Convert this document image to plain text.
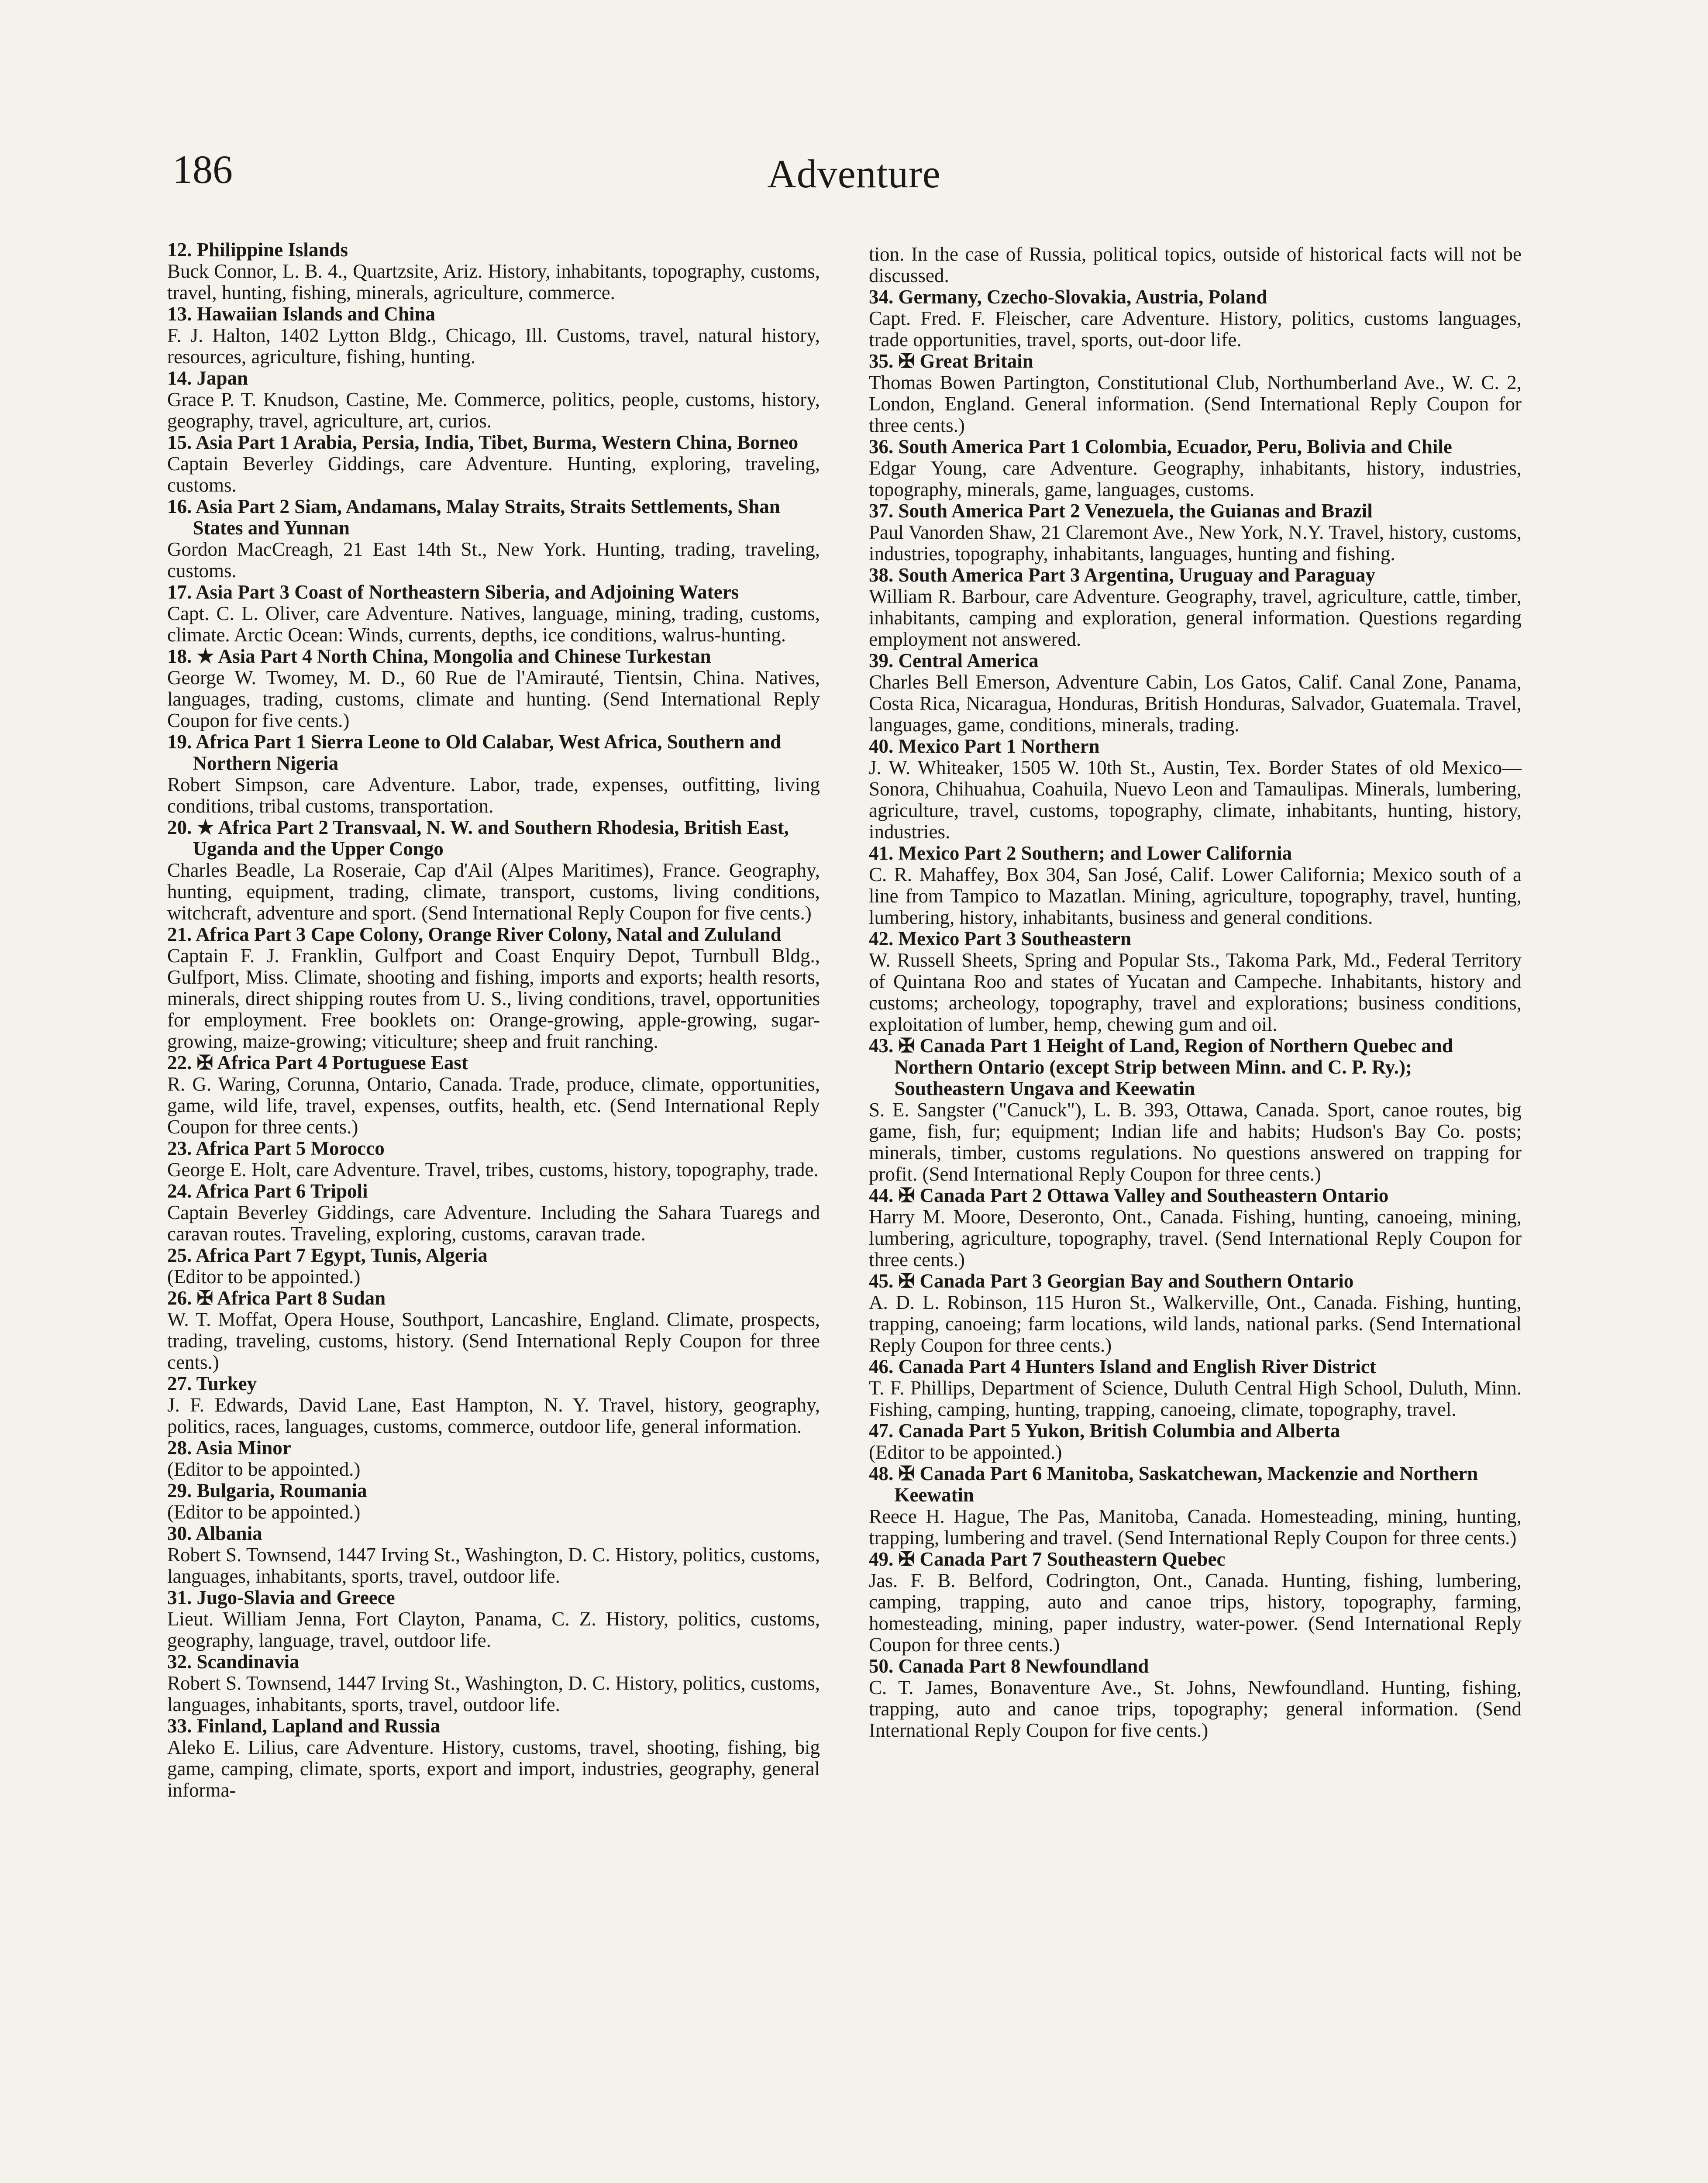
186	Adventure
12. Philippine Islands
Buck Connor, L. B. 4., Quartzsite, Ariz. History, inhabitants, topography, customs, travel, hunting, fishing, minerals, agriculture, commerce.
13. Hawaiian Islands and China
F. J. Halton, 1402 Lytton Bldg., Chicago, Ill. Customs, travel, natural history, resources, agriculture, fishing, hunting.
14. Japan
Grace P. T. Knudson, Castine, Me. Commerce, politics, people, customs, history, geography, travel, agriculture, art, curios.
15. Asia Part 1 Arabia, Persia, India, Tibet, Burma, Western China, Borneo
Captain Beverley Giddings, care Adventure. Hunting, exploring, traveling, customs.
16. Asia Part 2 Siam, Andamans, Malay Straits, Straits Settlements, Shan States and Yunnan
Gordon MacCreagh, 21 East 14th St., New York. Hunting, trading, traveling, customs.
17. Asia Part 3 Coast of Northeastern Siberia, and Adjoining Waters
Capt. C. L. Oliver, care Adventure. Natives, language, mining, trading, customs, climate. Arctic Ocean: Winds, currents, depths, ice conditions, walrus-hunting.
18. ★ Asia Part 4 North China, Mongolia and Chinese Turkestan
George W. Twomey, M. D., 60 Rue de l'Amirauté, Tientsin, China. Natives, languages, trading, customs, climate and hunting. (Send International Reply Coupon for five cents.)
19. Africa Part 1 Sierra Leone to Old Calabar, West Africa, Southern and Northern Nigeria
Robert Simpson, care Adventure. Labor, trade, expenses, outfitting, living conditions, tribal customs, transportation.
20. ★ Africa Part 2 Transvaal, N. W. and Southern Rhodesia, British East, Uganda and the Upper Congo
Charles Beadle, La Roseraie, Cap d'Ail (Alpes Maritimes), France. Geography, hunting, equipment, trading, climate, transport, customs, living conditions, witchcraft, adventure and sport. (Send International Reply Coupon for five cents.)
21. Africa Part 3 Cape Colony, Orange River Colony, Natal and Zululand
Captain F. J. Franklin, Gulfport and Coast Enquiry Depot, Turnbull Bldg., Gulfport, Miss. Climate, shooting and fishing, imports and exports; health resorts, minerals, direct shipping routes from U. S., living conditions, travel, opportunities for employment. Free booklets on: Orange-growing, apple-growing, sugar-growing, maize-growing; viticulture; sheep and fruit ranching.
22. ✠ Africa Part 4 Portuguese East
R. G. Waring, Corunna, Ontario, Canada. Trade, produce, climate, opportunities, game, wild life, travel, expenses, outfits, health, etc. (Send International Reply Coupon for three cents.)
23. Africa Part 5 Morocco
George E. Holt, care Adventure. Travel, tribes, customs, history, topography, trade.
24. Africa Part 6 Tripoli
Captain Beverley Giddings, care Adventure. Including the Sahara Tuaregs and caravan routes. Traveling, exploring, customs, caravan trade.
25. Africa Part 7 Egypt, Tunis, Algeria
(Editor to be appointed.)
26. ✠ Africa Part 8 Sudan
W. T. Moffat, Opera House, Southport, Lancashire, England. Climate, prospects, trading, traveling, customs, history. (Send International Reply Coupon for three cents.)
27. Turkey
J. F. Edwards, David Lane, East Hampton, N. Y. Travel, history, geography, politics, races, languages, customs, commerce, outdoor life, general information.
28. Asia Minor
(Editor to be appointed.)
29. Bulgaria, Roumania
(Editor to be appointed.)
30. Albania
Robert S. Townsend, 1447 Irving St., Washington, D. C. History, politics, customs, languages, inhabitants, sports, travel, outdoor life.
31. Jugo-Slavia and Greece
Lieut. William Jenna, Fort Clayton, Panama, C. Z. History, politics, customs, geography, language, travel, outdoor life.
32. Scandinavia
Robert S. Townsend, 1447 Irving St., Washington, D. C. History, politics, customs, languages, inhabitants, sports, travel, outdoor life.
33. Finland, Lapland and Russia
Aleko E. Lilius, care Adventure. History, customs, travel, shooting, fishing, big game, camping, climate, sports, export and import, industries, geography, general informa-
tion. In the case of Russia, political topics, outside of historical facts will not be discussed.
34. Germany, Czecho-Slovakia, Austria, Poland
Capt. Fred. F. Fleischer, care Adventure. History, politics, customs languages, trade opportunities, travel, sports, out-door life.
35. ✠ Great Britain
Thomas Bowen Partington, Constitutional Club, Northumberland Ave., W. C. 2, London, England. General information. (Send International Reply Coupon for three cents.)
36. South America Part 1 Colombia, Ecuador, Peru, Bolivia and Chile
Edgar Young, care Adventure. Geography, inhabitants, history, industries, topography, minerals, game, languages, customs.
37. South America Part 2 Venezuela, the Guianas and Brazil
Paul Vanorden Shaw, 21 Claremont Ave., New York, N.Y. Travel, history, customs, industries, topography, inhabitants, languages, hunting and fishing.
38. South America Part 3 Argentina, Uruguay and Paraguay
William R. Barbour, care Adventure. Geography, travel, agriculture, cattle, timber, inhabitants, camping and exploration, general information. Questions regarding employment not answered.
39. Central America
Charles Bell Emerson, Adventure Cabin, Los Gatos, Calif. Canal Zone, Panama, Costa Rica, Nicaragua, Honduras, British Honduras, Salvador, Guatemala. Travel, languages, game, conditions, minerals, trading.
40. Mexico Part 1 Northern
J. W. Whiteaker, 1505 W. 10th St., Austin, Tex. Border States of old Mexico—Sonora, Chihuahua, Coahuila, Nuevo Leon and Tamaulipas. Minerals, lumbering, agriculture, travel, customs, topography, climate, inhabitants, hunting, history, industries.
41. Mexico Part 2 Southern; and Lower California
C. R. Mahaffey, Box 304, San José, Calif. Lower California; Mexico south of a line from Tampico to Mazatlan. Mining, agriculture, topography, travel, hunting, lumbering, history, inhabitants, business and general conditions.
42. Mexico Part 3 Southeastern
W. Russell Sheets, Spring and Popular Sts., Takoma Park, Md., Federal Territory of Quintana Roo and states of Yucatan and Campeche. Inhabitants, history and customs; archeology, topography, travel and explorations; business conditions, exploitation of lumber, hemp, chewing gum and oil.
43. ✠ Canada Part 1 Height of Land, Region of Northern Quebec and Northern Ontario (except Strip between Minn. and C. P. Ry.); Southeastern Ungava and Keewatin
S. E. Sangster ("Canuck"), L. B. 393, Ottawa, Canada. Sport, canoe routes, big game, fish, fur; equipment; Indian life and habits; Hudson's Bay Co. posts; minerals, timber, customs regulations. No questions answered on trapping for profit. (Send International Reply Coupon for three cents.)
44. ✠ Canada Part 2 Ottawa Valley and Southeastern Ontario
Harry M. Moore, Deseronto, Ont., Canada. Fishing, hunting, canoeing, mining, lumbering, agriculture, topography, travel. (Send International Reply Coupon for three cents.)
45. ✠ Canada Part 3 Georgian Bay and Southern Ontario
A. D. L. Robinson, 115 Huron St., Walkerville, Ont., Canada. Fishing, hunting, trapping, canoeing; farm locations, wild lands, national parks. (Send International Reply Coupon for three cents.)
46. Canada Part 4 Hunters Island and English River District
T. F. Phillips, Department of Science, Duluth Central High School, Duluth, Minn. Fishing, camping, hunting, trapping, canoeing, climate, topography, travel.
47. Canada Part 5 Yukon, British Columbia and Alberta
(Editor to be appointed.)
48. ✠ Canada Part 6 Manitoba, Saskatchewan, Mackenzie and Northern Keewatin
Reece H. Hague, The Pas, Manitoba, Canada. Homesteading, mining, hunting, trapping, lumbering and travel. (Send International Reply Coupon for three cents.)
49. ✠ Canada Part 7 Southeastern Quebec
Jas. F. B. Belford, Codrington, Ont., Canada. Hunting, fishing, lumbering, camping, trapping, auto and canoe trips, history, topography, farming, homesteading, mining, paper industry, water-power. (Send International Reply Coupon for three cents.)
50. Canada Part 8 Newfoundland
C. T. James, Bonaventure Ave., St. Johns, Newfoundland. Hunting, fishing, trapping, auto and canoe trips, topography; general information. (Send International Reply Coupon for five cents.)
